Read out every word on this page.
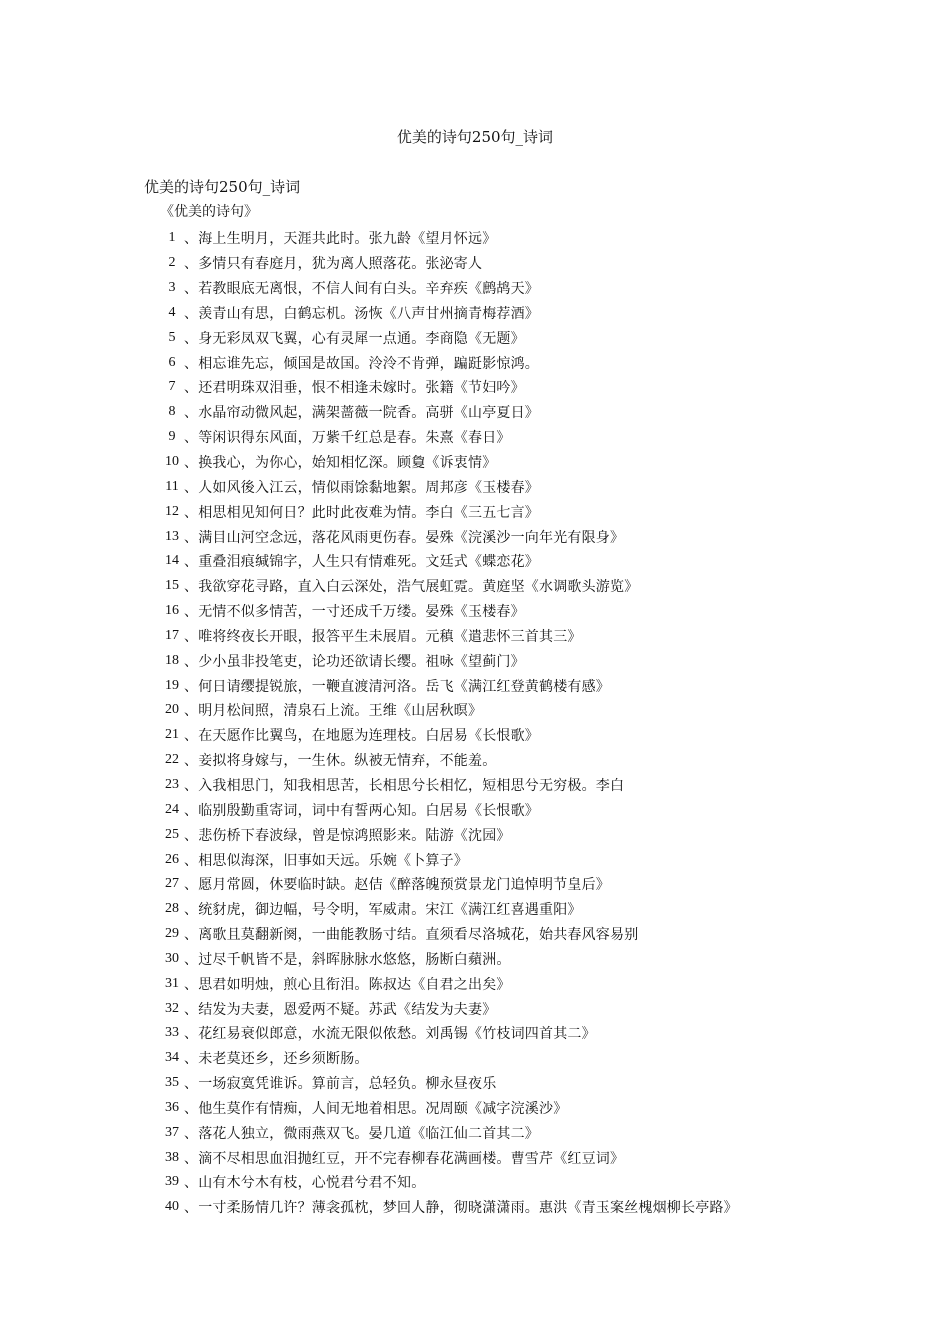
优美的诗句250句_诗词
优美的诗句250句_诗词
《优美的诗句》
1 、海上生明月，天涯共此时。张九龄《望月怀远》
2 、多情只有春庭月，犹为离人照落花。张泌寄人
3 、若教眼底无离恨，不信人间有白头。辛弃疾《鹧鸪天》
4 、羡青山有思，白鹤忘机。汤恢《八声甘州摘青梅荐酒》
5 、身无彩凤双飞翼，心有灵犀一点通。李商隐《无题》
6 、相忘谁先忘，倾国是故国。泠泠不肯弹，蹁跹影惊鸿。
7 、还君明珠双泪垂，恨不相逢未嫁时。张籍《节妇吟》
8 、水晶帘动微风起，满架蔷薇一院香。高骈《山亭夏日》
9 、等闲识得东风面，万紫千红总是春。朱熹《春日》
10 、换我心，为你心，始知相忆深。顾敻《诉衷情》
11 、人如风後入江云，情似雨馀黏地絮。周邦彦《玉楼春》
12 、相思相见知何日？此时此夜难为情。李白《三五七言》
13 、满目山河空念远，落花风雨更伤春。晏殊《浣溪沙一向年光有限身》
14 、重叠泪痕缄锦字，人生只有情难死。文廷式《蝶恋花》
15 、我欲穿花寻路，直入白云深处，浩气展虹霓。黄庭坚《水调歌头游览》
16 、无情不似多情苦，一寸还成千万缕。晏殊《玉楼春》
17 、唯将终夜长开眼，报答平生未展眉。元稹《遣悲怀三首其三》
18 、少小虽非投笔吏，论功还欲请长缨。祖咏《望蓟门》
19 、何日请缨提锐旅，一鞭直渡清河洛。岳飞《满江红登黄鹤楼有感》
20 、明月松间照，清泉石上流。王维《山居秋暝》
21 、在天愿作比翼鸟，在地愿为连理枝。白居易《长恨歌》
22 、妾拟将身嫁与，一生休。纵被无情弃，不能羞。
23 、入我相思门，知我相思苦，长相思兮长相忆，短相思兮无穷极。李白
24 、临别殷勤重寄词，词中有誓两心知。白居易《长恨歌》
25 、悲伤桥下春波绿，曾是惊鸿照影来。陆游《沈园》
26 、相思似海深，旧事如天远。乐婉《卜算子》
27 、愿月常圆，休要临时缺。赵佶《醉落魄预赏景龙门追悼明节皇后》
28 、统豺虎，御边幅，号令明，军威肃。宋江《满江红喜遇重阳》
29 、离歌且莫翻新阕，一曲能教肠寸结。直须看尽洛城花，始共春风容易别
30 、过尽千帆皆不是，斜晖脉脉水悠悠，肠断白蘋洲。
31 、思君如明烛，煎心且衔泪。陈叔达《自君之出矣》
32 、结发为夫妻，恩爱两不疑。苏武《结发为夫妻》
33 、花红易衰似郎意，水流无限似侬愁。刘禹锡《竹枝词四首其二》
34 、未老莫还乡，还乡须断肠。
35 、一场寂寞凭谁诉。算前言，总轻负。柳永昼夜乐
36 、他生莫作有情痴，人间无地着相思。况周颐《减字浣溪沙》
37 、落花人独立，微雨燕双飞。晏几道《临江仙二首其二》
38 、滴不尽相思血泪抛红豆，开不完春柳春花满画楼。曹雪芹《红豆词》
39 、山有木兮木有枝，心悦君兮君不知。
40 、一寸柔肠情几许？薄衾孤枕，梦回人静，彻晓潇潇雨。惠洪《青玉案丝槐烟柳长亭路》
